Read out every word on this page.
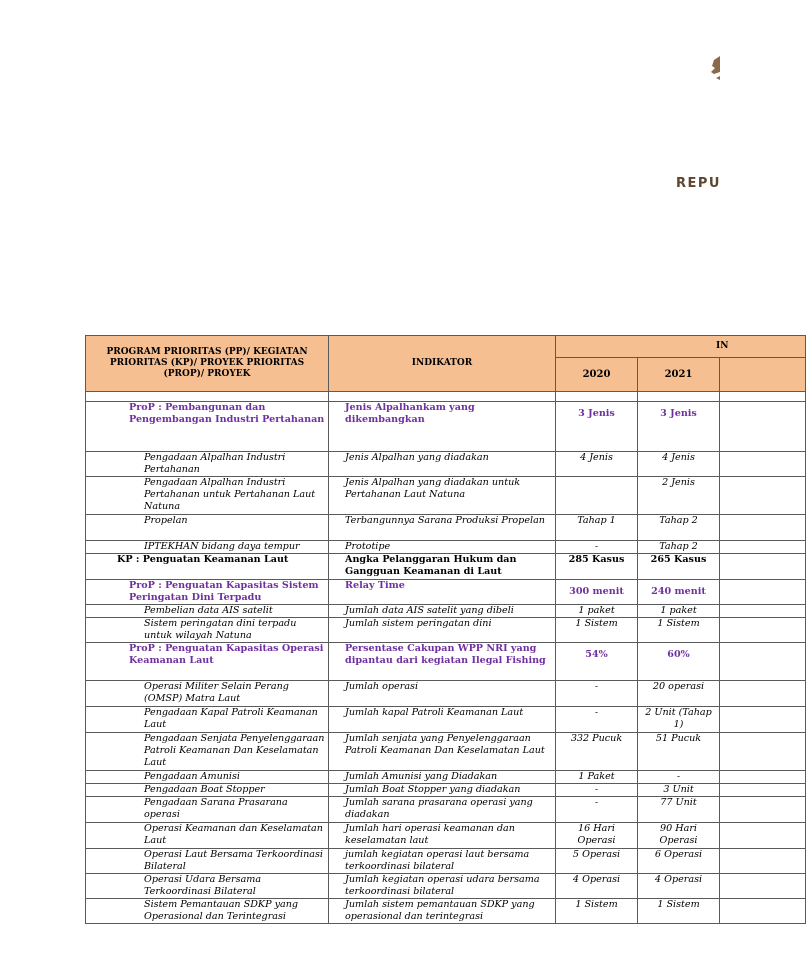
REPU
PROGRAM PRIORITAS (PP)/ KEGIATAN PRIORITAS (KP)/ PROYEK PRIORITAS (PROP)/ PROYEK	INDIKATOR	IN		
		2020	2021	

ProP : Pembangunan dan Pengembangan Industri Pertahanan	Jenis Alpalhankam yang dikembangkan	3 Jenis	3 Jenis	
Pengadaan Alpalhan Industri Pertahanan	Jenis Alpalhan yang diadakan	4 Jenis	4 Jenis	
Pengadaan Alpalhan Industri Pertahanan untuk Pertahanan Laut Natuna	Jenis Alpalhan yang diadakan untuk Pertahanan Laut Natuna		2 Jenis	
Propelan	Terbangunnya Sarana Produksi Propelan	Tahap 1	Tahap 2	
IPTEKHAN bidang daya tempur	Prototipe	-	Tahap 2	
KP : Penguatan Keamanan Laut	Angka Pelanggaran Hukum dan Gangguan Keamanan di Laut	285 Kasus	265 Kasus	
ProP : Penguatan Kapasitas Sistem Peringatan Dini Terpadu	Relay Time	300 menit	240 menit	
Pembelian data AIS satelit	Jumlah data AIS satelit yang dibeli	1 paket	1 paket	
Sistem peringatan dini terpadu untuk wilayah Natuna	Jumlah sistem peringatan dini	1 Sistem	1 Sistem	
ProP : Penguatan Kapasitas Operasi Keamanan Laut	Persentase Cakupan WPP NRI yang dipantau dari kegiatan Ilegal Fishing	54%	60%	
Operasi Militer Selain Perang (OMSP) Matra Laut	Jumlah operasi	-	20 operasi	
Pengadaan Kapal Patroli Keamanan Laut	Jumlah kapal Patroli Keamanan Laut	-	2 Unit (Tahap 1)	
Pengadaan Senjata Penyelenggaraan Patroli Keamanan Dan Keselamatan Laut	Jumlah senjata yang Penyelenggaraan Patroli Keamanan Dan Keselamatan Laut	332 Pucuk	51 Pucuk	
Pengadaan Amunisi	Jumlah Amunisi yang Diadakan	1 Paket	-	
Pengadaan Boat Stopper	Jumlah Boat Stopper yang diadakan	-	3 Unit	
Pengadaan Sarana Prasarana operasi	Jumlah sarana prasarana operasi yang diadakan	-	77 Unit	
Operasi Keamanan dan Keselamatan Laut	Jumlah hari operasi keamanan dan keselamatan laut	16 Hari Operasi	90 Hari Operasi	
Operasi Laut Bersama Terkoordinasi Bilateral	jumlah kegiatan operasi laut bersama terkoordinasi bilateral	5 Operasi	6 Operasi	
Operasi Udara Bersama Terkoordinasi Bilateral	Jumlah kegiatan operasi udara bersama terkoordinasi bilateral	4 Operasi	4 Operasi	
Sistem Pemantauan SDKP yang Operasional dan Terintegrasi	Jumlah sistem pemantauan SDKP yang operasional dan terintegrasi	1 Sistem	1 Sistem	
